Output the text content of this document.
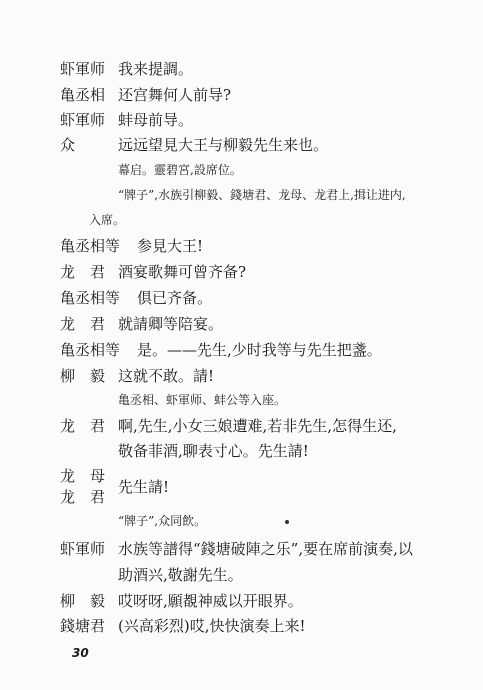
虾軍师 我来提調。
亀丞相 还宫舞何人前导?
虾軍师 蚌母前导。
众	远远望見大王与柳毅先生来也。
幕启。靈碧宮,設席位。
“牌子”,水族引柳毅、錢塘君、龙母、龙君上,揖让进内,
入席。
亀丞相等 参見大王!
龙　君 酒宴歌舞可曾齐备?
亀丞相等 俱已齐备。
龙　君 就請卿等陪宴。
亀丞相等 是。——先生,少时我等与先生把盞。
柳　毅 这就不敢。請!
亀丞相、虾軍师、蚌公等入座。
龙　君 啊,先生,小女三娘遭难,若非先生,怎得生还,
敬备菲酒,聊表寸心。先生請!
龙　母
龙　君
先生請!
“牌子”,众同飲。
虾軍师 水族等譜得“錢塘破陣之乐”,要在席前演奏,以
助酒兴,敬謝先生。
柳　毅 哎呀呀,願覩神威以开眼界。
錢塘君 (兴高彩烈)哎,快快演奏上来!
30
